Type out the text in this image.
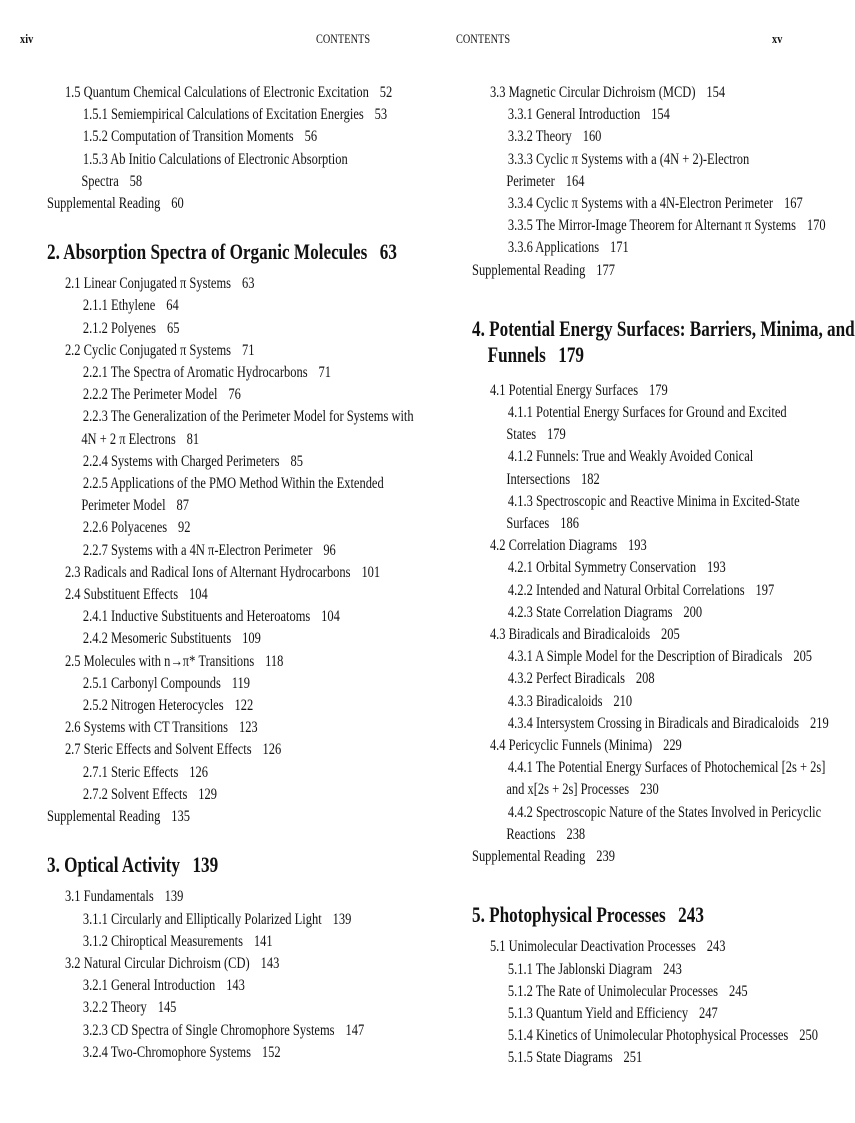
xiv	CONTENTS
1.5 Quantum Chemical Calculations of Electronic Excitation 52
1.5.1 Semiempirical Calculations of Excitation Energies 53
1.5.2 Computation of Transition Moments 56
1.5.3 Ab Initio Calculations of Electronic Absorption
Spectra 58
Supplemental Reading 60
2. Absorption Spectra of Organic Molecules 63
2.1 Linear Conjugated π Systems 63
2.1.1 Ethylene 64
2.1.2 Polyenes 65
2.2 Cyclic Conjugated π Systems 71
2.2.1 The Spectra of Aromatic Hydrocarbons 71
2.2.2 The Perimeter Model 76
2.2.3 The Generalization of the Perimeter Model for Systems with
4N + 2 π Electrons 81
2.2.4 Systems with Charged Perimeters 85
2.2.5 Applications of the PMO Method Within the Extended
Perimeter Model 87
2.2.6 Polyacenes 92
2.2.7 Systems with a 4N π-Electron Perimeter 96
2.3 Radicals and Radical Ions of Alternant Hydrocarbons 101
2.4 Substituent Effects 104
2.4.1 Inductive Substituents and Heteroatoms 104
2.4.2 Mesomeric Substituents 109
2.5 Molecules with n→π* Transitions 118
2.5.1 Carbonyl Compounds 119
2.5.2 Nitrogen Heterocycles 122
2.6 Systems with CT Transitions 123
2.7 Steric Effects and Solvent Effects 126
2.7.1 Steric Effects 126
2.7.2 Solvent Effects 129
Supplemental Reading 135
3. Optical Activity 139
3.1 Fundamentals 139
3.1.1 Circularly and Elliptically Polarized Light 139
3.1.2 Chiroptical Measurements 141
3.2 Natural Circular Dichroism (CD) 143
3.2.1 General Introduction 143
3.2.2 Theory 145
3.2.3 CD Spectra of Single Chromophore Systems 147
3.2.4 Two-Chromophore Systems 152
CONTENTS	xv
3.3 Magnetic Circular Dichroism (MCD) 154
3.3.1 General Introduction 154
3.3.2 Theory 160
3.3.3 Cyclic π Systems with a (4N + 2)-Electron
Perimeter 164
3.3.4 Cyclic π Systems with a 4N-Electron Perimeter 167
3.3.5 The Mirror-Image Theorem for Alternant π Systems 170
3.3.6 Applications 171
Supplemental Reading 177
4. Potential Energy Surfaces: Barriers, Minima, and
Funnels 179
4.1 Potential Energy Surfaces 179
4.1.1 Potential Energy Surfaces for Ground and Excited
States 179
4.1.2 Funnels: True and Weakly Avoided Conical
Intersections 182
4.1.3 Spectroscopic and Reactive Minima in Excited-State
Surfaces 186
4.2 Correlation Diagrams 193
4.2.1 Orbital Symmetry Conservation 193
4.2.2 Intended and Natural Orbital Correlations 197
4.2.3 State Correlation Diagrams 200
4.3 Biradicals and Biradicaloids 205
4.3.1 A Simple Model for the Description of Biradicals 205
4.3.2 Perfect Biradicals 208
4.3.3 Biradicaloids 210
4.3.4 Intersystem Crossing in Biradicals and Biradicaloids 219
4.4 Pericyclic Funnels (Minima) 229
4.4.1 The Potential Energy Surfaces of Photochemical [2s + 2s]
and x[2s + 2s] Processes 230
4.4.2 Spectroscopic Nature of the States Involved in Pericyclic
Reactions 238
Supplemental Reading 239
5. Photophysical Processes 243
5.1 Unimolecular Deactivation Processes 243
5.1.1 The Jablonski Diagram 243
5.1.2 The Rate of Unimolecular Processes 245
5.1.3 Quantum Yield and Efficiency 247
5.1.4 Kinetics of Unimolecular Photophysical Processes 250
5.1.5 State Diagrams 251
